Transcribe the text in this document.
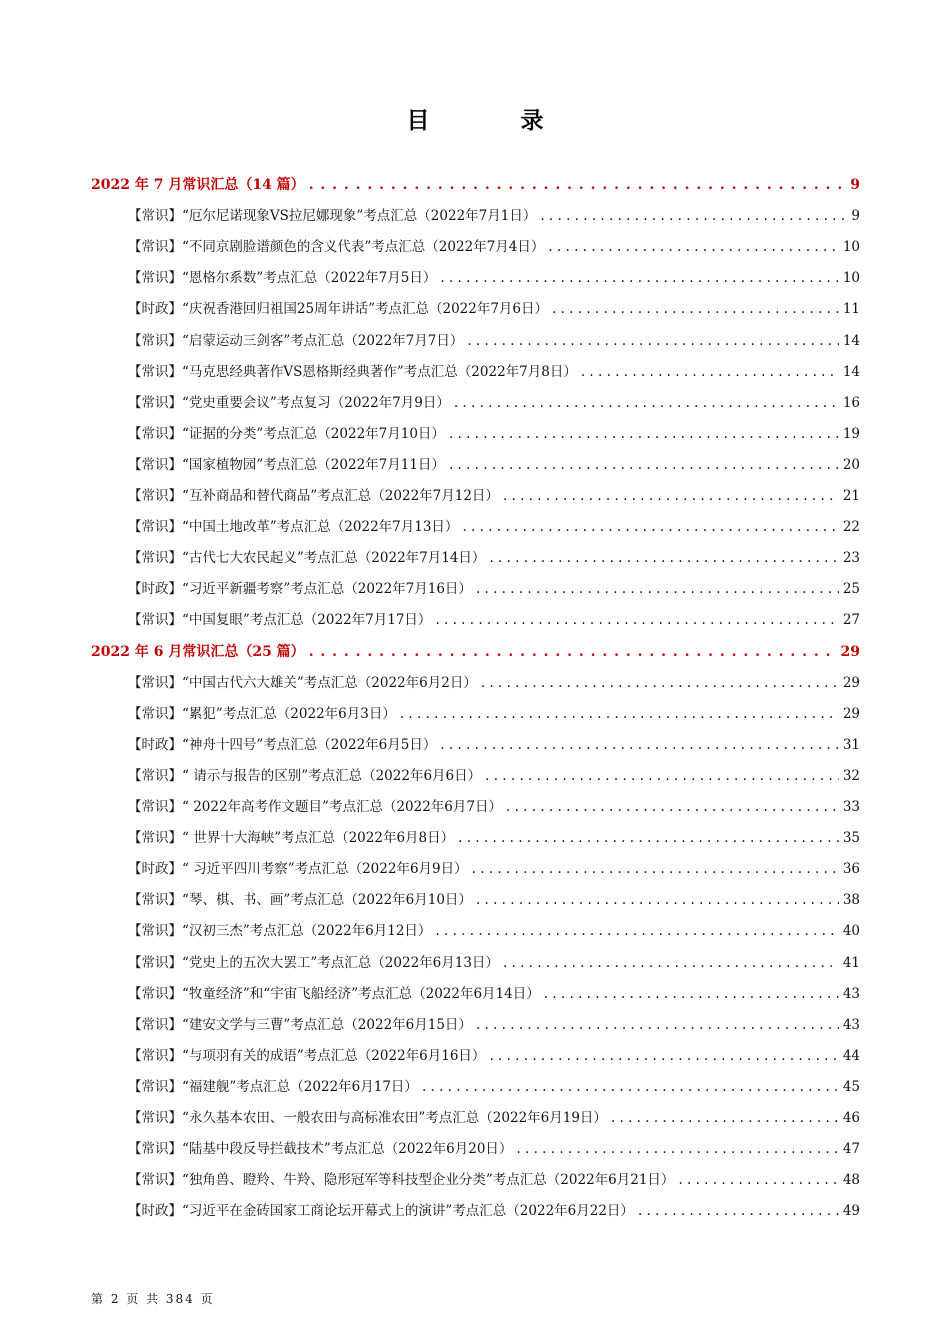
目　录
2022 年 7 月常识汇总（14 篇） . . .	9
【常识】“厄尔尼诺现象VS拉尼娜现象”考点汇总（2022年7月1日） . . .	9
【常识】“不同京剧脸谱颜色的含义代表”考点汇总（2022年7月4日） . . .	10
【常识】“恩格尔系数”考点汇总（2022年7月5日） . . .	10
【时政】“庆祝香港回归祖国25周年讲话”考点汇总（2022年7月6日） . . .	11
【常识】“启蒙运动三剑客”考点汇总（2022年7月7日） . . .	14
【常识】“马克思经典著作VS恩格斯经典著作”考点汇总（2022年7月8日） . . .	14
【常识】“党史重要会议”考点复习（2022年7月9日） . . .	16
【常识】“证据的分类”考点汇总（2022年7月10日） . . .	19
【常识】“国家植物园”考点汇总（2022年7月11日） . . .	20
【常识】“互补商品和替代商品”考点汇总（2022年7月12日） . . .	21
【常识】“中国土地改革”考点汇总（2022年7月13日） . . .	22
【常识】“古代七大农民起义”考点汇总（2022年7月14日） . . .	23
【时政】“习近平新疆考察”考点汇总（2022年7月16日） . . .	25
【常识】“中国复眼”考点汇总（2022年7月17日） . . .	27
2022 年 6 月常识汇总（25 篇） . . .	29
【常识】“中国古代六大雄关”考点汇总（2022年6月2日） . . .	29
【常识】“累犯”考点汇总（2022年6月3日） . . .	29
【时政】“神舟十四号”考点汇总（2022年6月5日） . . .	31
【常识】“ 请示与报告的区别”考点汇总（2022年6月6日） . . .	32
【常识】“ 2022年高考作文题目”考点汇总（2022年6月7日） . . .	33
【常识】“ 世界十大海峡”考点汇总（2022年6月8日） . . .	35
【时政】“ 习近平四川考察”考点汇总（2022年6月9日） . . .	36
【常识】“琴、棋、书、画”考点汇总（2022年6月10日） . . .	38
【常识】“汉初三杰”考点汇总（2022年6月12日） . . .	40
【常识】“党史上的五次大罢工”考点汇总（2022年6月13日） . . .	41
【常识】“牧童经济”和“宇宙飞船经济”考点汇总（2022年6月14日） . . .	43
【常识】“建安文学与三曹”考点汇总（2022年6月15日） . . .	43
【常识】“与项羽有关的成语”考点汇总（2022年6月16日） . . .	44
【常识】“福建舰”考点汇总（2022年6月17日） . . .	45
【常识】“永久基本农田、一般农田与高标准农田”考点汇总（2022年6月19日） . . .	46
【常识】“陆基中段反导拦截技术”考点汇总（2022年6月20日） . . .	47
【常识】“独角兽、瞪羚、牛羚、隐形冠军等科技型企业分类”考点汇总（2022年6月21日） . . .	48
【时政】“习近平在金砖国家工商论坛开幕式上的演讲”考点汇总（2022年6月22日） . . .	49
第 2 页 共 384 页
